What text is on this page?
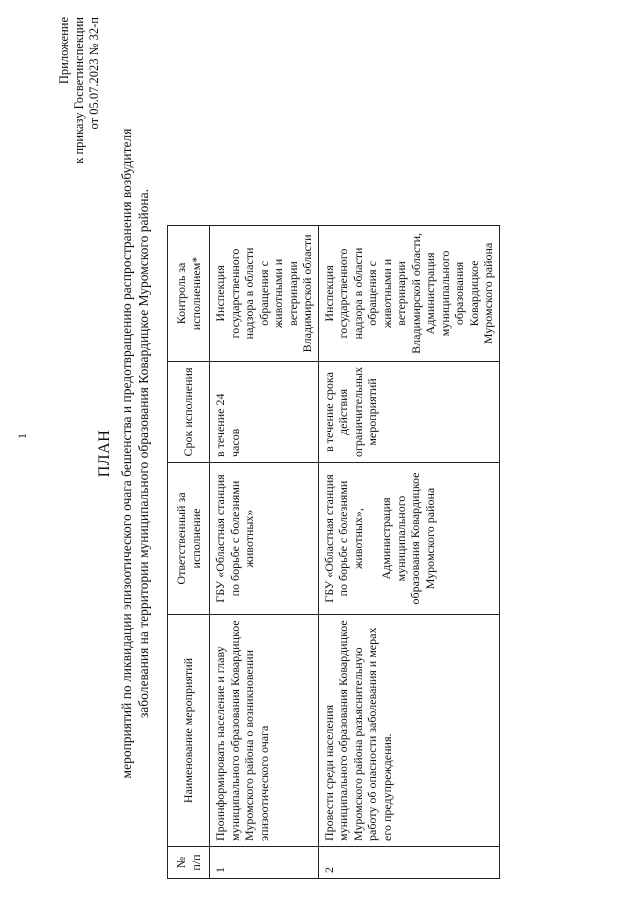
1
Приложение к приказу Госветинспекции от 05.07.2023 № 32-п
ПЛАН мероприятий по ликвидации эпизоотического очага бешенства и предотвращению распространения возбудителя заболевания на территории муниципального образования Ковардицкое Муромского района.
№ п/п	Наименование мероприятий	Ответственный за исполнение	Срок исполнения	Контроль за исполнением*
1	Проинформировать население и главу муниципального образования Ковардицкое Муромского района о возникновении эпизоотического очага	ГБУ «Областная станция по борьбе с болезнями животных»	в течение 24 часов	Инспекция государственного надзора в области обращения с животными и ветеринарии Владимирской области
2	Провести среди населения муниципального образования Ковардицкое Муромского района разъяснительную работу об опасности заболевания и мерах его предупреждения.	ГБУ «Областная станция по борьбе с болезнями животных», Администрация муниципального образования Ковардицкое Муромского района	в течение срока действия ограничительных мероприятий	Инспекция государственного надзора в области обращения с животными и ветеринарии Владимирской области, Администрация муниципального образования Ковардицкое Муромского района
